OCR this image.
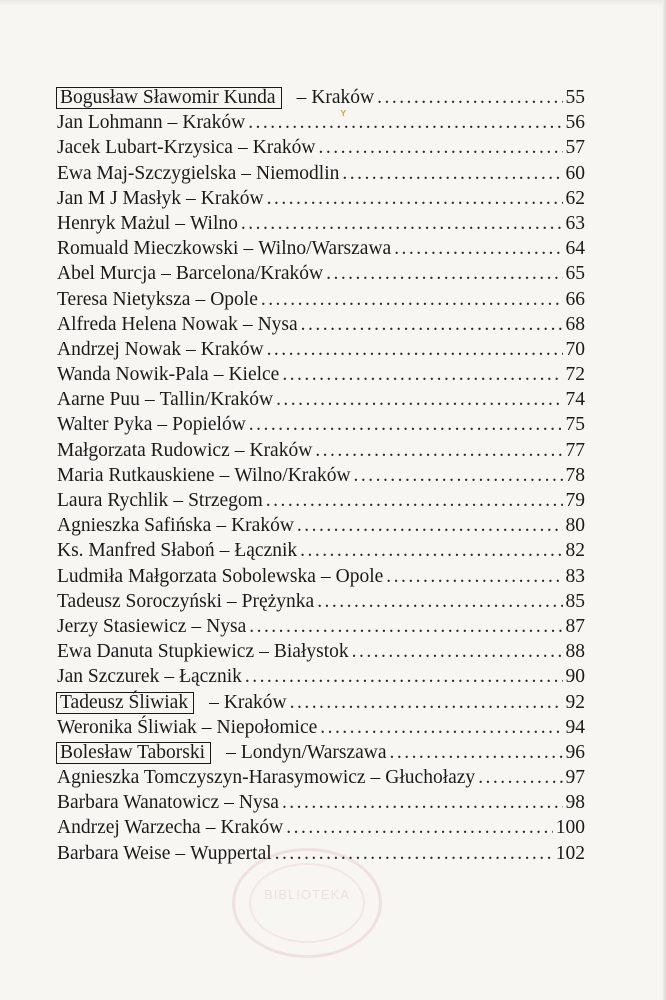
BIBLIOTEKA
Bogusław Sławomir Kunda	– Kraków . . .	55
Jan Lohmann – Kraków . . .	56
Jacek Lubart-Krzysica – Kraków . . .	57
Ewa Maj-Szczygielska – Niemodlin . . .	60
Jan M J Masłyk – Kraków . . .	62
Henryk Mażul – Wilno . . .	63
Romuald Mieczkowski – Wilno/Warszawa . . .	64
Abel Murcja – Barcelona/Kraków . . .	65
Teresa Nietyksza – Opole . . .	66
Alfreda Helena Nowak – Nysa . . .	68
Andrzej Nowak – Kraków . . .	70
Wanda Nowik-Pala – Kielce . . .	72
Aarne Puu – Tallin/Kraków . . .	74
Walter Pyka – Popielów . . .	75
Małgorzata Rudowicz – Kraków . . .	77
Maria Rutkauskiene – Wilno/Kraków . . .	78
Laura Rychlik – Strzegom . . .	79
Agnieszka Safińska – Kraków . . .	80
Ks. Manfred Słaboń – Łącznik . . .	82
Ludmiła Małgorzata Sobolewska – Opole . . .	83
Tadeusz Soroczyński – Prężynka . . .	85
Jerzy Stasiewicz – Nysa . . .	87
Ewa Danuta Stupkiewicz – Białystok . . .	88
Jan Szczurek – Łącznik . . .	90
Tadeusz Śliwiak	– Kraków . . .	92
Weronika Śliwiak – Niepołomice . . .	94
Bolesław Taborski	– Londyn/Warszawa . . .	96
Agnieszka Tomczyszyn-Harasymowicz – Głuchołazy . . .	97
Barbara Wanatowicz – Nysa . . .	98
Andrzej Warzecha – Kraków . . .	100
Barbara Weise – Wuppertal . . .	102
ʏ
